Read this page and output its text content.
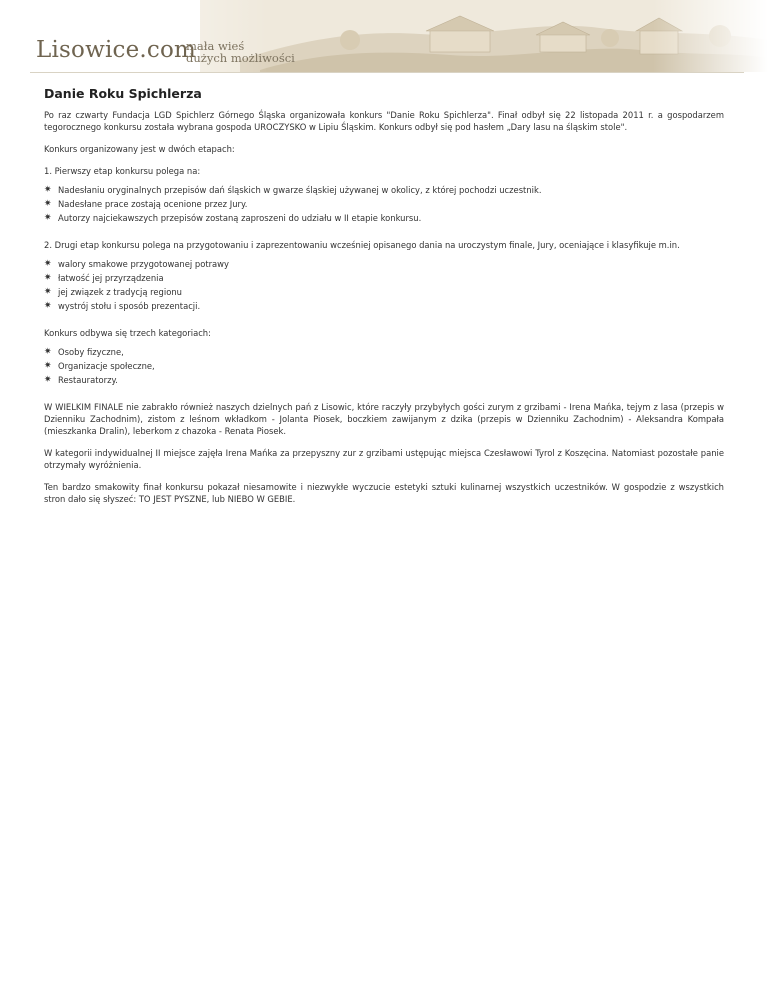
Lisowice.com
mała wieś
dużych możliwości
Danie Roku Spichlerza

Po raz czwarty Fundacja LGD Spichlerz Górnego Śląska organizowała konkurs "Danie Roku Spichlerza". Finał odbył się 22 listopada 2011 r. a gospodarzem tegorocznego konkursu została wybrana gospoda UROCZYSKO w Lipiu Śląskim. Konkurs odbył się pod hasłem „Dary lasu na śląskim stole".

Konkurs organizowany jest w dwóch etapach:

1. Pierwszy etap konkursu polega na:

✷ Nadesłaniu oryginalnych przepisów dań śląskich w gwarze śląskiej używanej w okolicy, z której pochodzi uczestnik.
✷ Nadesłane prace zostają ocenione przez Jury.
✷ Autorzy najciekawszych przepisów zostaną zaproszeni do udziału w II etapie konkursu.

2. Drugi etap konkursu polega na przygotowaniu i zaprezentowaniu wcześniej opisanego dania na uroczystym finale, Jury, oceniające i klasyfikuje m.in.

✷ walory smakowe przygotowanej potrawy
✷ łatwość jej przyrządzenia
✷ jej związek z tradycją regionu
✷ wystrój stołu i sposób prezentacji.

Konkurs odbywa się trzech kategoriach:

✷ Osoby fizyczne,
✷ Organizacje społeczne,
✷ Restauratorzy.

W WIELKIM FINALE nie zabrakło również naszych dzielnych pań z Lisowic, które raczyły przybyłych gości zurym z grzibami - Irena Mańka, tejym z lasa (przepis w Dzienniku Zachodnim), zistom z leśnom wkładkom - Jolanta Piosek, boczkiem zawijanym z dzika (przepis w Dzienniku Zachodnim) - Aleksandra Kompała (mieszkanka Dralin), leberkom z chazoka - Renata Piosek.

W kategorii indywidualnej II miejsce zajęła Irena Mańka za przepyszny zur z grzibami ustępując miejsca Czesławowi Tyrol z Koszęcina. Natomiast pozostałe panie otrzymały wyróżnienia.

Ten bardzo smakowity finał konkursu pokazał niesamowite i niezwykłe wyczucie estetyki sztuki kulinarnej wszystkich uczestników. W gospodzie z wszystkich stron dało się słyszeć: TO JEST PYSZNE, lub NIEBO W GEBIE.
